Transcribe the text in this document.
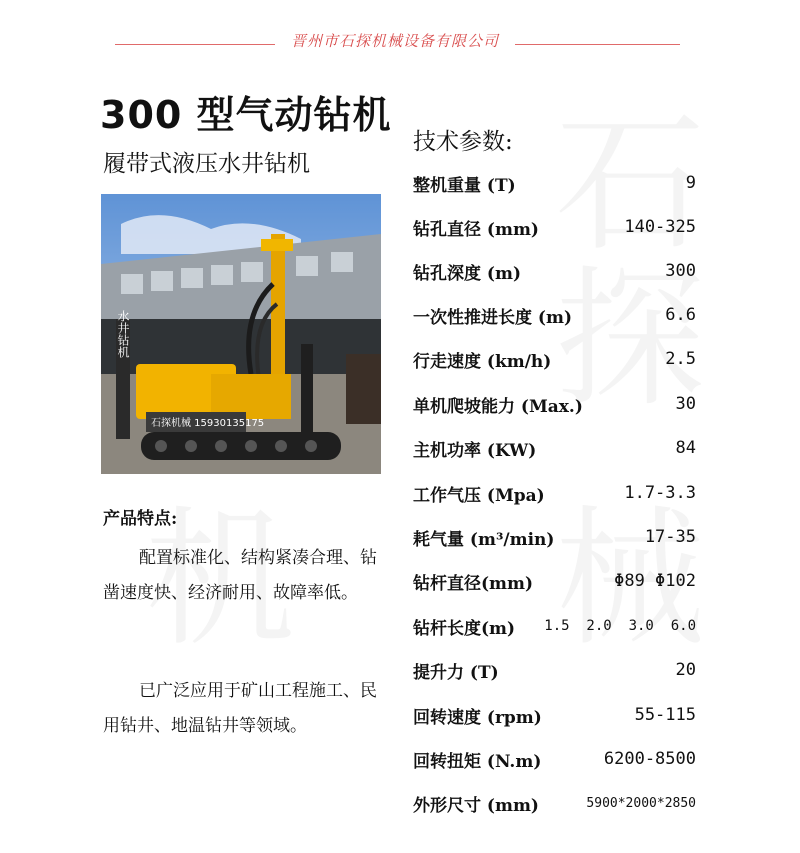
晋州市石探机械设备有限公司
300 型气动钻机
履带式液压水井钻机
水井钻机
石探机械 15930135175
产品特点:
配置标准化、结构紧凑合理、钻凿速度快、经济耐用、故障率低。
已广泛应用于矿山工程施工、民用钻井、地温钻井等领域。
技术参数:
整机重量 (T)	9
钻孔直径 (mm)	140-325
钻孔深度 (m)	300
一次性推进长度 (m)	6.6
行走速度 (km/h)	2.5
单机爬坡能力 (Max.)	30
主机功率 (KW)	84
工作气压 (Mpa)	1.7-3.3
耗气量 (m³/min)	17-35
钻杆直径(mm)	Φ89 Φ102
钻杆长度(m) 1.5  2.0  3.0  6.0
提升力 (T)	20
回转速度 (rpm)	55-115
回转扭矩 (N.m)	6200-8500
外形尺寸 (mm)	5900*2000*2850
